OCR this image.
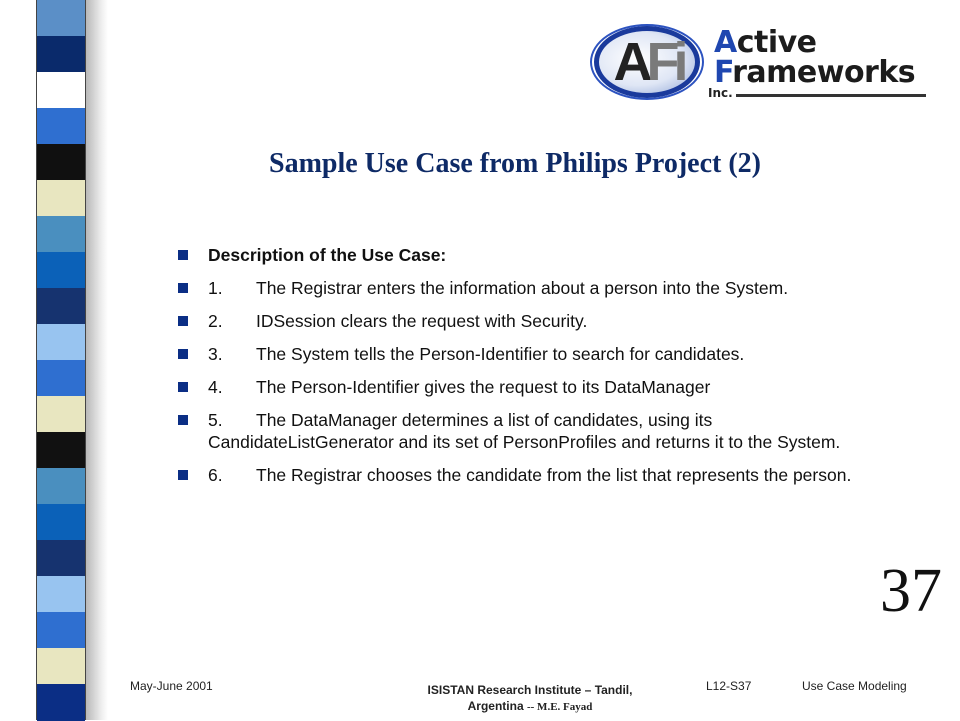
AFi Active
Frameworks
Inc.
Sample Use Case from Philips Project (2)
Description of the Use Case:
1. The Registrar enters the information about a person into the System.
2. IDSession clears the request with Security.
3. The System tells the Person-Identifier to search for candidates.
4. The Person-Identifier gives the request to its DataManager
5. The DataManager determines a list of candidates, using its CandidateListGenerator and its set of PersonProfiles and returns it to the System.
6. The Registrar chooses the candidate from the list that represents the person.
37
May-June 2001	ISISTAN Research Institute – Tandil, Argentina -- M.E. Fayad
L12-S37	Use Case Modeling
